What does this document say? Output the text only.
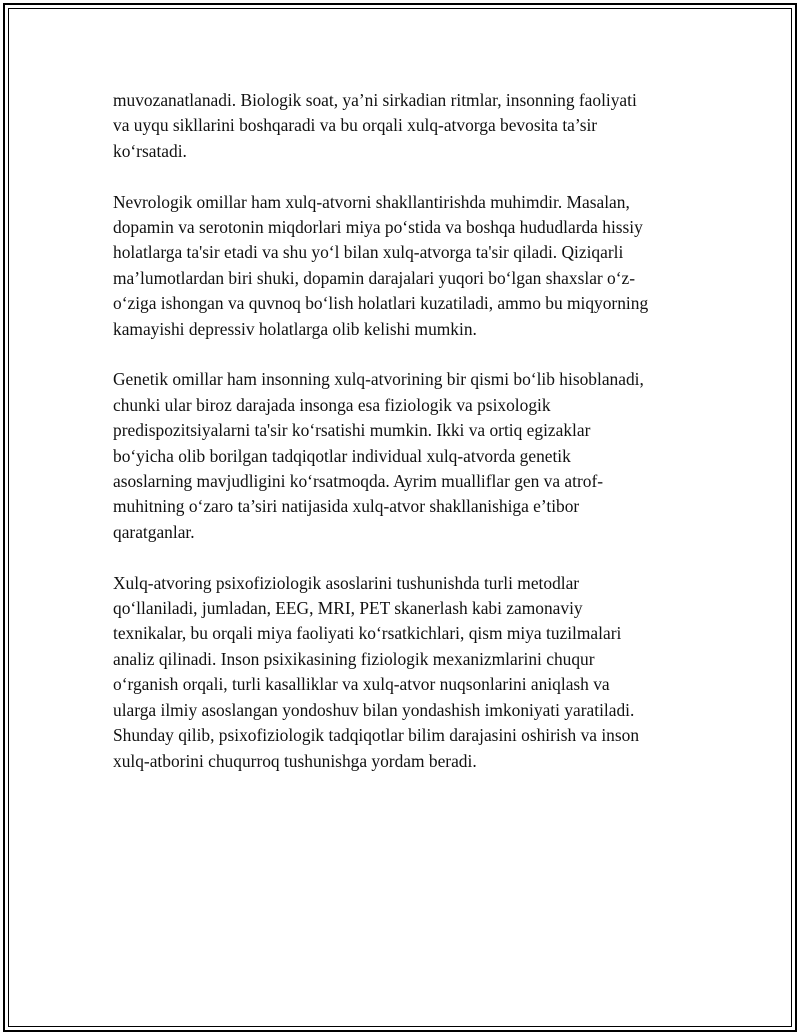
muvozanatlanadi. Biologik soat, ya’ni sirkadian ritmlar, insonning faoliyati
va uyqu sikllarini boshqaradi va bu orqali xulq-atvorga bevosita ta’sir
ko‘rsatadi.

Nevrologik omillar ham xulq-atvorni shakllantirishda muhimdir. Masalan,
dopamin va serotonin miqdorlari miya po‘stida va boshqa hududlarda hissiy
holatlarga ta'sir etadi va shu yo‘l bilan xulq-atvorga ta'sir qiladi. Qiziqarli
ma’lumotlardan biri shuki, dopamin darajalari yuqori bo‘lgan shaxslar o‘z-
o‘ziga ishongan va quvnoq bo‘lish holatlari kuzatiladi, ammo bu miqyorning
kamayishi depressiv holatlarga olib kelishi mumkin.

Genetik omillar ham insonning xulq-atvorining bir qismi bo‘lib hisoblanadi,
chunki ular biroz darajada insonga esa fiziologik va psixologik
predispozitsiyalarni ta'sir ko‘rsatishi mumkin. Ikki va ortiq egizaklar
bo‘yicha olib borilgan tadqiqotlar individual xulq-atvorda genetik
asoslarning mavjudligini ko‘rsatmoqda. Ayrim mualliflar gen va atrof-
muhitning o‘zaro ta’siri natijasida xulq-atvor shakllanishiga e’tibor
qaratganlar.

Xulq-atvoring psixofiziologik asoslarini tushunishda turli metodlar
qo‘llaniladi, jumladan, EEG, MRI, PET skanerlash kabi zamonaviy
texnikalar, bu orqali miya faoliyati ko‘rsatkichlari, qism miya tuzilmalari
analiz qilinadi. Inson psixikasining fiziologik mexanizmlarini chuqur
o‘rganish orqali, turli kasalliklar va xulq-atvor nuqsonlarini aniqlash va
ularga ilmiy asoslangan yondoshuv bilan yondashish imkoniyati yaratiladi.
Shunday qilib, psixofiziologik tadqiqotlar bilim darajasini oshirish va inson
xulq-atborini chuqurroq tushunishga yordam beradi.
